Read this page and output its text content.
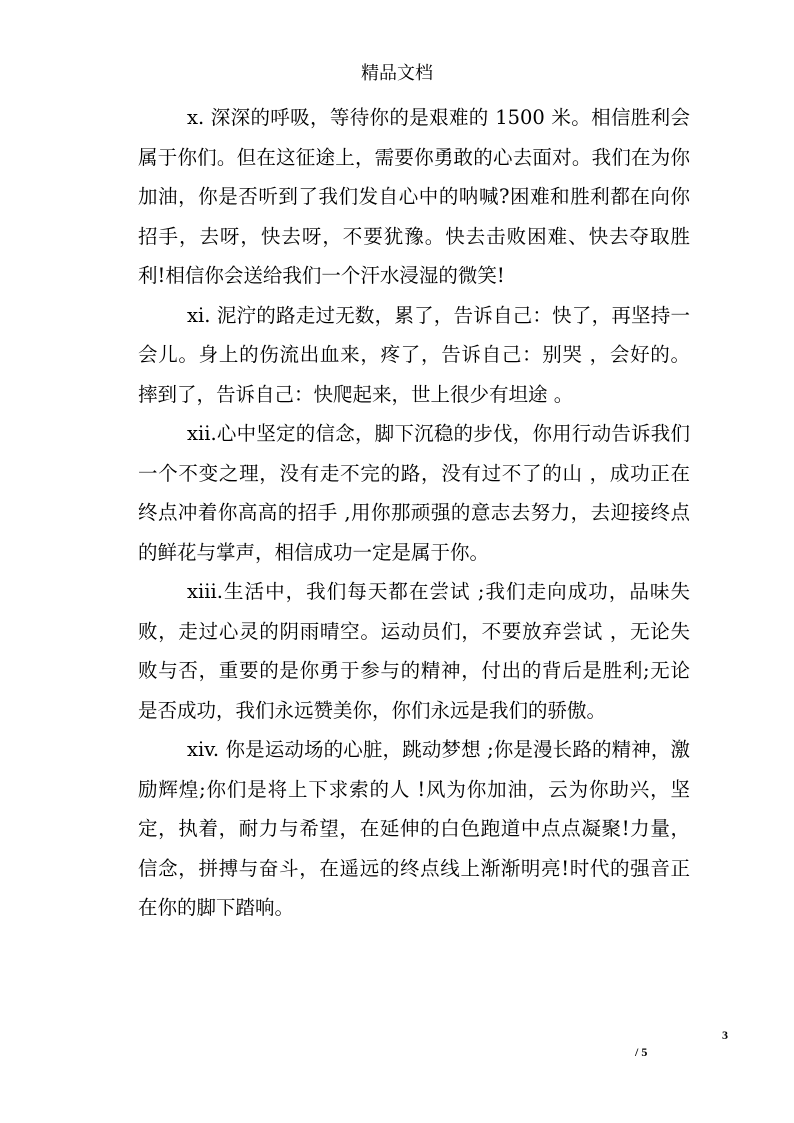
精品文档

x. 深深的呼吸，等待你的是艰难的 1500 米。相信胜利会属于你们。但在这征途上，需要你勇敢的心去面对。我们在为你加油，你是否听到了我们发自心中的呐喊?困难和胜利都在向你招手，去呀，快去呀，不要犹豫。快去击败困难、快去夺取胜利!相信你会送给我们一个汗水浸湿的微笑!

xi. 泥泞的路走过无数，累了，告诉自己：快了，再坚持一会儿。身上的伤流出血来，疼了，告诉自己：别哭 ，会好的。摔到了，告诉自己：快爬起来，世上很少有坦途 。

xii.心中坚定的信念，脚下沉稳的步伐，你用行动告诉我们一个不变之理，没有走不完的路，没有过不了的山 ，成功正在终点冲着你高高的招手 ,用你那顽强的意志去努力，去迎接终点的鲜花与掌声，相信成功一定是属于你。

xiii.生活中，我们每天都在尝试 ;我们走向成功，品味失败，走过心灵的阴雨晴空。运动员们，不要放弃尝试 ，无论失败与否，重要的是你勇于参与的精神，付出的背后是胜利;无论是否成功，我们永远赞美你，你们永远是我们的骄傲。

xiv. 你是运动场的心脏，跳动梦想 ;你是漫长路的精神，激励辉煌;你们是将上下求索的人 !风为你加油，云为你助兴，坚定，执着，耐力与希望，在延伸的白色跑道中点点凝聚!力量，信念，拼搏与奋斗，在遥远的终点线上渐渐明亮!时代的强音正在你的脚下踏响。

3
/ 5
